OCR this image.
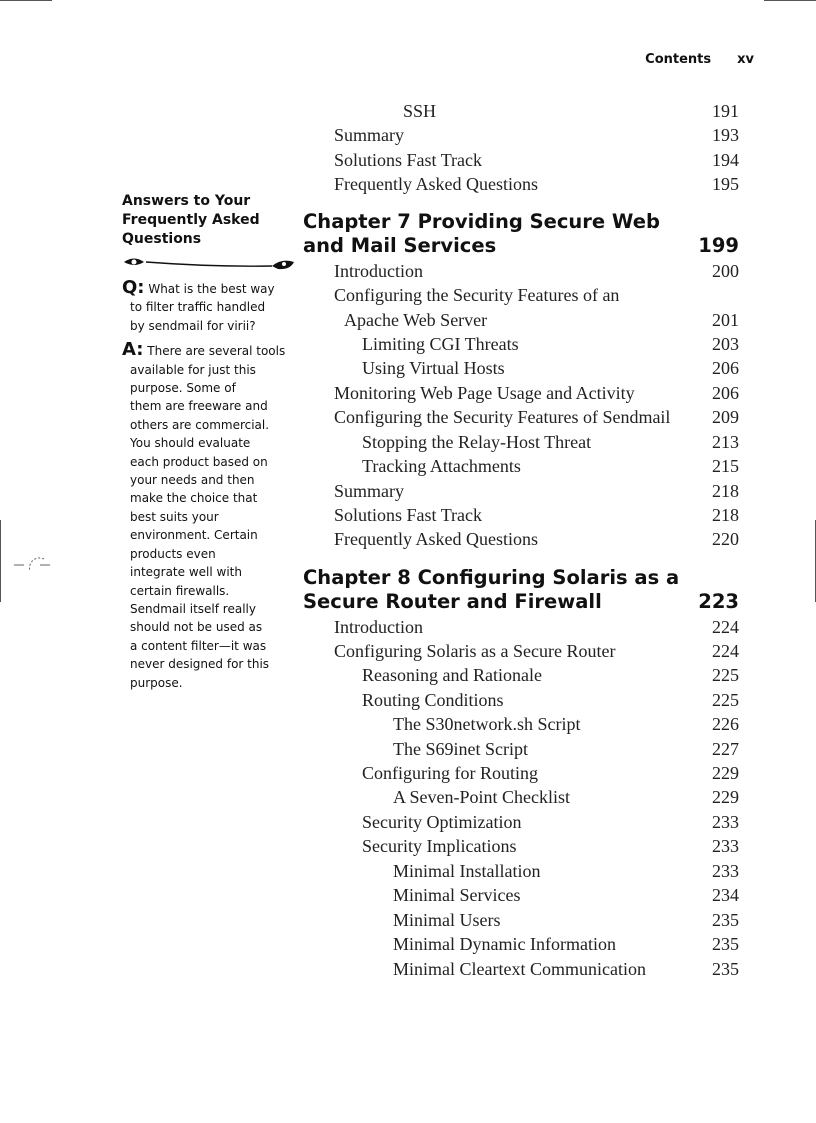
Contents xv
Answers to Your
Frequently Asked
Questions
Q: What is the best way
to filter traffic handled
by sendmail for virii?
A: There are several tools
available for just this
purpose. Some of
them are freeware and
others are commercial.
You should evaluate
each product based on
your needs and then
make the choice that
best suits your
environment. Certain
products even
integrate well with
certain firewalls.
Sendmail itself really
should not be used as
a content filter—it was
never designed for this
purpose.
SSH	191
Summary	193
Solutions Fast Track	194
Frequently Asked Questions	195
Chapter 7 Providing Secure Web
and Mail Services	199
Introduction	200
Configuring the Security Features of an
Apache Web Server	201
Limiting CGI Threats	203
Using Virtual Hosts	206
Monitoring Web Page Usage and Activity	206
Configuring the Security Features of Sendmail 209
Stopping the Relay-Host Threat	213
Tracking Attachments	215
Summary	218
Solutions Fast Track	218
Frequently Asked Questions	220
Chapter 8 Configuring Solaris as a
Secure Router and Firewall	223
Introduction	224
Configuring Solaris as a Secure Router	224
Reasoning and Rationale	225
Routing Conditions	225
The S30network.sh Script	226
The S69inet Script	227
Configuring for Routing	229
A Seven-Point Checklist	229
Security Optimization	233
Security Implications	233
Minimal Installation	233
Minimal Services	234
Minimal Users	235
Minimal Dynamic Information	235
Minimal Cleartext Communication	235
